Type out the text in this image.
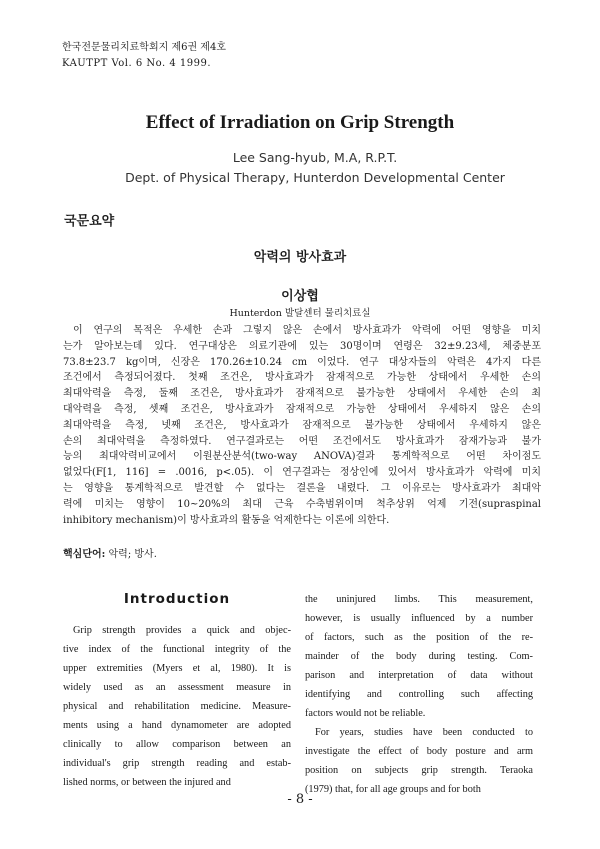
한국전문물리치료학회지 제6권 제4호
KAUTPT Vol. 6 No. 4 1999.
Effect of Irradiation on Grip Strength
Lee Sang-hyub, M.A, R.P.T.
Dept. of Physical Therapy, Hunterdon Developmental Center
국문요약
악력의 방사효과
이상협
Hunterdon 발달센터 물리치료실
이 연구의 목적은 우세한 손과 그렇지 않은 손에서 방사효과가 악력에 어떤 영향을 미치
는가 알아보는데 있다. 연구대상은 의료기관에 있는 30명이며 연령은 32±9.23세, 체중분포
73.8±23.7 kg이며, 신장은 170.26±10.24 cm 이었다. 연구 대상자들의 악력은 4가지 다른
조건에서 측정되어졌다. 첫째 조건은, 방사효과가 잠재적으로 가능한 상태에서 우세한 손의
최대악력을 측정, 둘째 조건은, 방사효과가 잠재적으로 불가능한 상태에서 우세한 손의 최
대악력을 측정, 셋째 조건은, 방사효과가 잠재적으로 가능한 상태에서 우세하지 않은 손의
최대악력을 측정, 넷째 조건은, 방사효과가 잠재적으로 불가능한 상태에서 우세하지 않은
손의 최대악력을 측정하였다. 연구결과로는 어떤 조건에서도 방사효과가 잠재가능과 불가
능의 최대악력비교에서 이원분산분석(two-way ANOVA)결과 통계학적으로 어떤 차이점도
없었다(F[1, 116] = .0016, p<.05). 이 연구결과는 정상인에 있어서 방사효과가 악력에 미치
는 영향을 통계학적으로 발견할 수 없다는 결론을 내렸다. 그 이유로는 방사효과가 최대악
력에 미치는 영향이 10~20%의 최대 근육 수축범위이며 척추상위 억제 기전(supraspinal
inhibitory mechanism)이 방사효과의 활동을 억제한다는 이론에 의한다.
핵심단어: 악력; 방사.
Introduction
Grip strength provides a quick and objec-
tive index of the functional integrity of the
upper extremities (Myers et al, 1980). It is
widely used as an assessment measure in
physical and rehabilitation medicine. Measure-
ments using a hand dynamometer are adopted
clinically to allow comparison between an
individual's grip strength reading and estab-
lished norms, or between the injured and
the uninjured limbs. This measurement,
however, is usually influenced by a number
of factors, such as the position of the re-
mainder of the body during testing. Com-
parison and interpretation of data without
identifying and controlling such affecting
factors would not be reliable.
For years, studies have been conducted to
investigate the effect of body posture and arm
position on subjects grip strength. Teraoka
(1979) that, for all age groups and for both
- 8 -
